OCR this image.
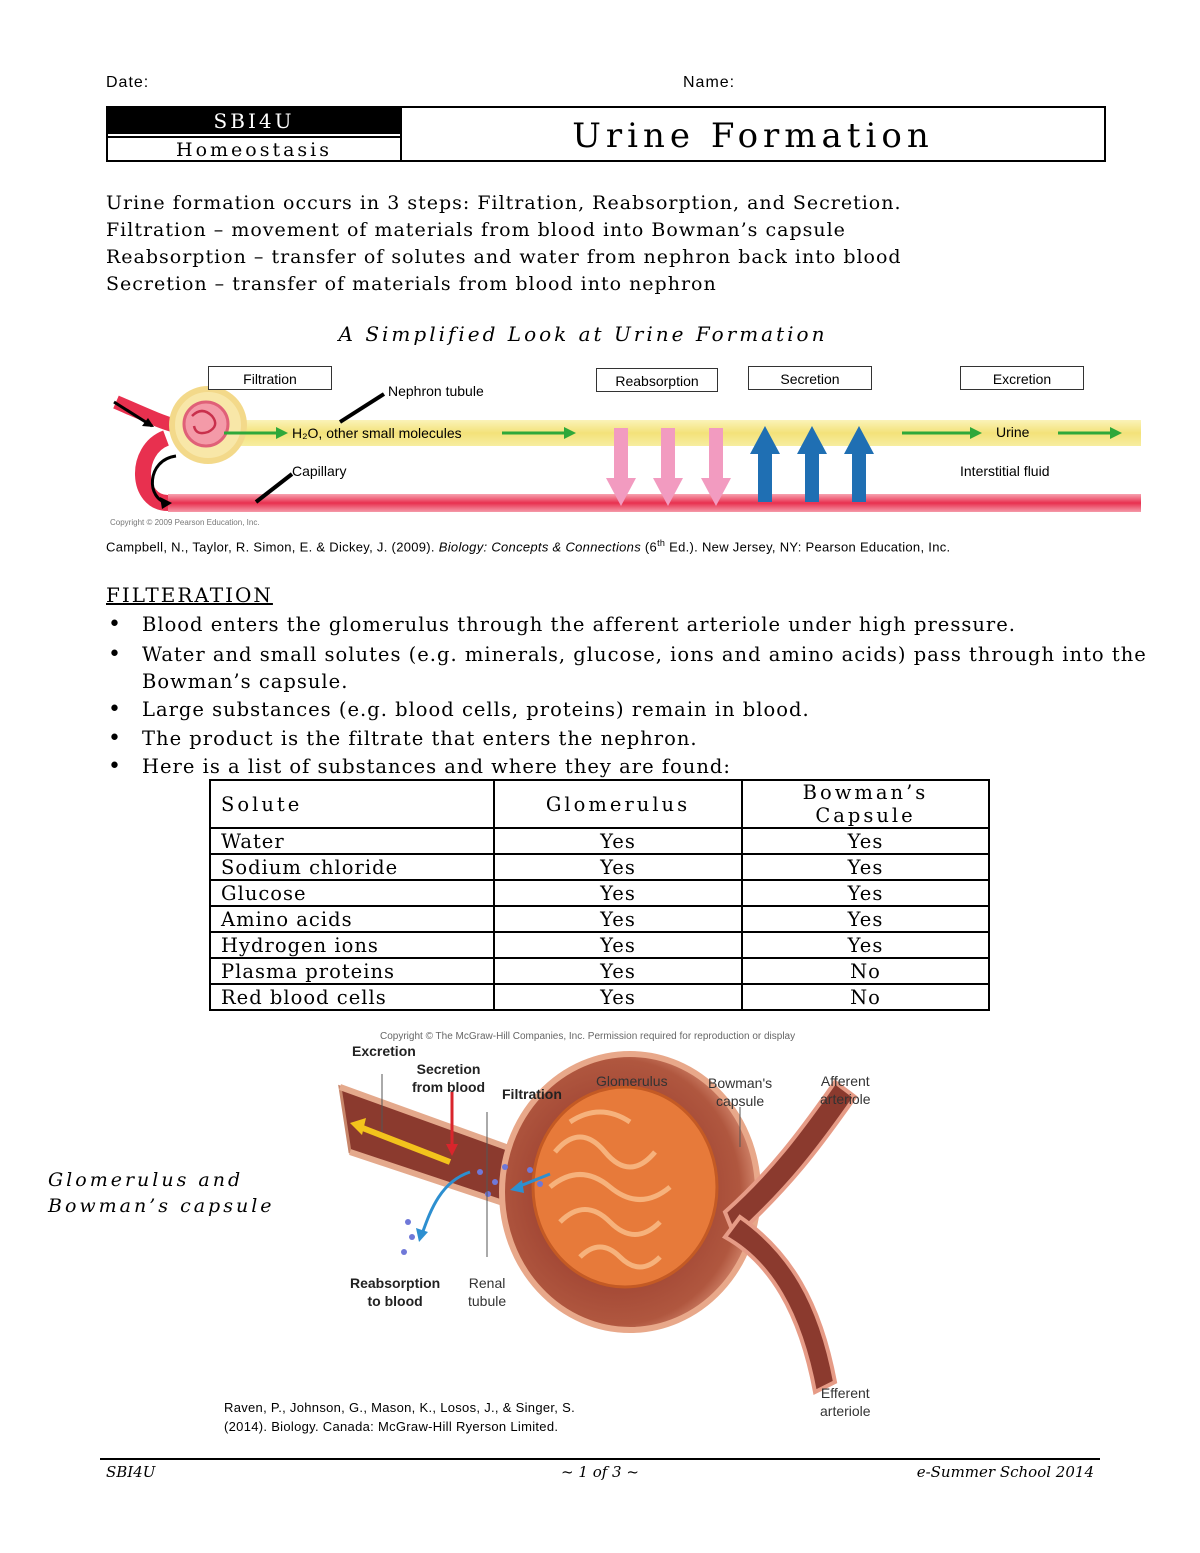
Date:	Name:
SBI4U
Homeostasis	Urine Formation
Urine formation occurs in 3 steps: Filtration, Reabsorption, and Secretion.
Filtration – movement of materials from blood into Bowman’s capsule
Reabsorption – transfer of solutes and water from nephron back into blood
Secretion – transfer of materials from blood into nephron
A Simplified Look at Urine Formation
Filtration	Reabsorption	Secretion	Excretion
Nephron tubule
H₂O, other small molecules
Capillary
Urine
Interstitial fluid
Copyright © 2009 Pearson Education, Inc.
Campbell, N., Taylor, R. Simon, E. & Dickey, J. (2009). Biology: Concepts & Connections (6th Ed.). New Jersey, NY: Pearson Education, Inc.
FILTERATION
• Blood enters the glomerulus through the afferent arteriole under high pressure.
• Water and small solutes (e.g. minerals, glucose, ions and amino acids) pass through into the
• Large substances (e.g. blood cells, proteins) remain in blood.
• The product is the filtrate that enters the nephron.
• Here is a list of substances and where they are found:
Bowman’s capsule.
Solute	Glomerulus	Bowman’s Capsule
Water	Yes	Yes
Sodium chloride	Yes	Yes
Glucose	Yes	Yes
Amino acids	Yes	Yes
Hydrogen ions	Yes	Yes
Plasma proteins	Yes	No
Red blood cells	Yes	No
Copyright © The McGraw-Hill Companies, Inc. Permission required for reproduction or display
Excretion
Secretion
from blood Filtration
Glomerulus	Bowman's
capsule
Afferent
arteriole
Reabsorption
to blood
Renal
tubule
Efferent
arteriole
Glomerulus and
Bowman’s capsule
Raven, P., Johnson, G., Mason, K., Losos, J., & Singer, S.
(2014). Biology. Canada: McGraw-Hill Ryerson Limited.
SBI4U	~ 1 of 3 ~	e-Summer School 2014
